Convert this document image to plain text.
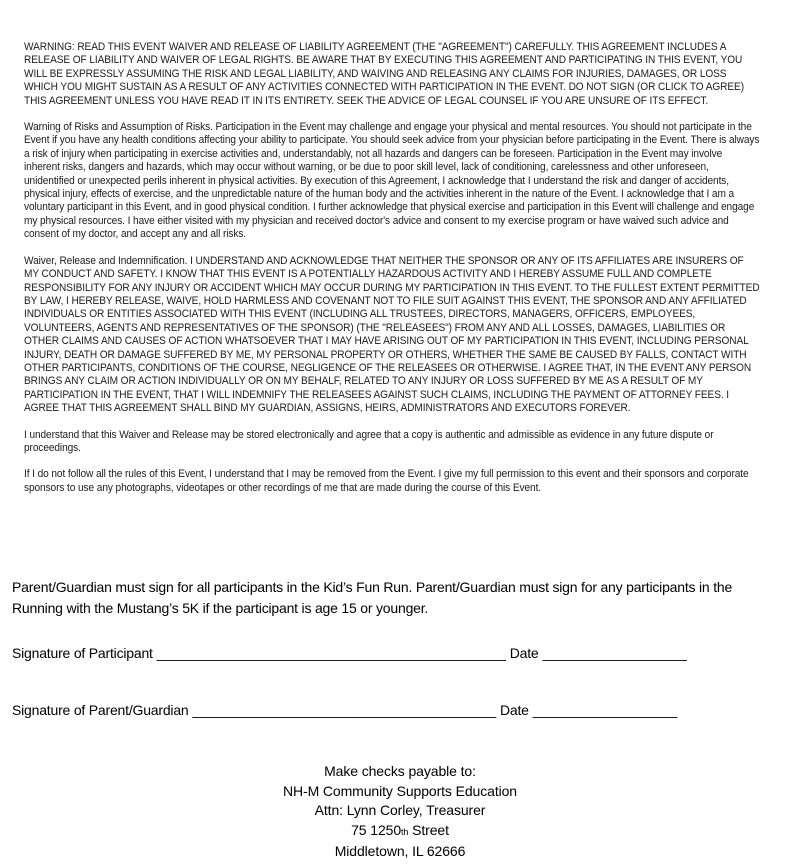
WARNING: READ THIS EVENT WAIVER AND RELEASE OF LIABILITY AGREEMENT (THE "AGREEMENT") CAREFULLY. THIS AGREEMENT INCLUDES A RELEASE OF LIABILITY AND WAIVER OF LEGAL RIGHTS. BE AWARE THAT BY EXECUTING THIS AGREEMENT AND PARTICIPATING IN THIS EVENT, YOU WILL BE EXPRESSLY ASSUMING THE RISK AND LEGAL LIABILITY, AND WAIVING AND RELEASING ANY CLAIMS FOR INJURIES, DAMAGES, OR LOSS WHICH YOU MIGHT SUSTAIN AS A RESULT OF ANY ACTIVITIES CONNECTED WITH PARTICIPATION IN THE EVENT. DO NOT SIGN (OR CLICK TO AGREE) THIS AGREEMENT UNLESS YOU HAVE READ IT IN ITS ENTIRETY. SEEK THE ADVICE OF LEGAL COUNSEL IF YOU ARE UNSURE OF ITS EFFECT.

Warning of Risks and Assumption of Risks. Participation in the Event may challenge and engage your physical and mental resources. You should not participate in the Event if you have any health conditions affecting your ability to participate. You should seek advice from your physician before participating in the Event. There is always a risk of injury when participating in exercise activities and, understandably, not all hazards and dangers can be foreseen. Participation in the Event may involve inherent risks, dangers and hazards, which may occur without warning, or be due to poor skill level, lack of conditioning, carelessness and other unforeseen, unidentified or unexpected perils inherent in physical activities. By execution of this Agreement, I acknowledge that I understand the risk and danger of accidents, physical injury, effects of exercise, and the unpredictable nature of the human body and the activities inherent in the nature of the Event. I acknowledge that I am a voluntary participant in this Event, and in good physical condition. I further acknowledge that physical exercise and participation in this Event will challenge and engage my physical resources. I have either visited with my physician and received doctor's advice and consent to my exercise program or have waived such advice and consent of my doctor, and accept any and all risks.

Waiver, Release and Indemnification. I UNDERSTAND AND ACKNOWLEDGE THAT NEITHER THE SPONSOR OR ANY OF ITS AFFILIATES ARE INSURERS OF MY CONDUCT AND SAFETY. I KNOW THAT THIS EVENT IS A POTENTIALLY HAZARDOUS ACTIVITY AND I HEREBY ASSUME FULL AND COMPLETE RESPONSIBILITY FOR ANY INJURY OR ACCIDENT WHICH MAY OCCUR DURING MY PARTICIPATION IN THIS EVENT. TO THE FULLEST EXTENT PERMITTED BY LAW, I HEREBY RELEASE, WAIVE, HOLD HARMLESS AND COVENANT NOT TO FILE SUIT AGAINST THIS EVENT, THE SPONSOR AND ANY AFFILIATED INDIVIDUALS OR ENTITIES ASSOCIATED WITH THIS EVENT (INCLUDING ALL TRUSTEES, DIRECTORS, MANAGERS, OFFICERS, EMPLOYEES, VOLUNTEERS, AGENTS AND REPRESENTATIVES OF THE SPONSOR) (THE "RELEASEES") FROM ANY AND ALL LOSSES, DAMAGES, LIABILITIES OR OTHER CLAIMS AND CAUSES OF ACTION WHATSOEVER THAT I MAY HAVE ARISING OUT OF MY PARTICIPATION IN THIS EVENT, INCLUDING PERSONAL INJURY, DEATH OR DAMAGE SUFFERED BY ME, MY PERSONAL PROPERTY OR OTHERS, WHETHER THE SAME BE CAUSED BY FALLS, CONTACT WITH OTHER PARTICIPANTS, CONDITIONS OF THE COURSE, NEGLIGENCE OF THE RELEASEES OR OTHERWISE. I AGREE THAT, IN THE EVENT ANY PERSON BRINGS ANY CLAIM OR ACTION INDIVIDUALLY OR ON MY BEHALF, RELATED TO ANY INJURY OR LOSS SUFFERED BY ME AS A RESULT OF MY PARTICIPATION IN THE EVENT, THAT I WILL INDEMNIFY THE RELEASEES AGAINST SUCH CLAIMS, INCLUDING THE PAYMENT OF ATTORNEY FEES. I AGREE THAT THIS AGREEMENT SHALL BIND MY GUARDIAN, ASSIGNS, HEIRS, ADMINISTRATORS AND EXECUTORS FOREVER.

I understand that this Waiver and Release may be stored electronically and agree that a copy is authentic and admissible as evidence in any future dispute or proceedings.

If I do not follow all the rules of this Event, I understand that I may be removed from the Event. I give my full permission to this event and their sponsors and corporate sponsors to use any photographs, videotapes or other recordings of me that are made during the course of this Event.

Parent/Guardian must sign for all participants in the Kid’s Fun Run. Parent/Guardian must sign for any participants in the
Running with the Mustang’s 5K if the participant is age 15 or younger.
Signature of Participant ______________________________________________ Date ___________________
Signature of Parent/Guardian ________________________________________ Date ___________________
Make checks payable to:
NH-M Community Supports Education
Attn: Lynn Corley, Treasurer
75 1250th Street
Middletown, IL 62666
